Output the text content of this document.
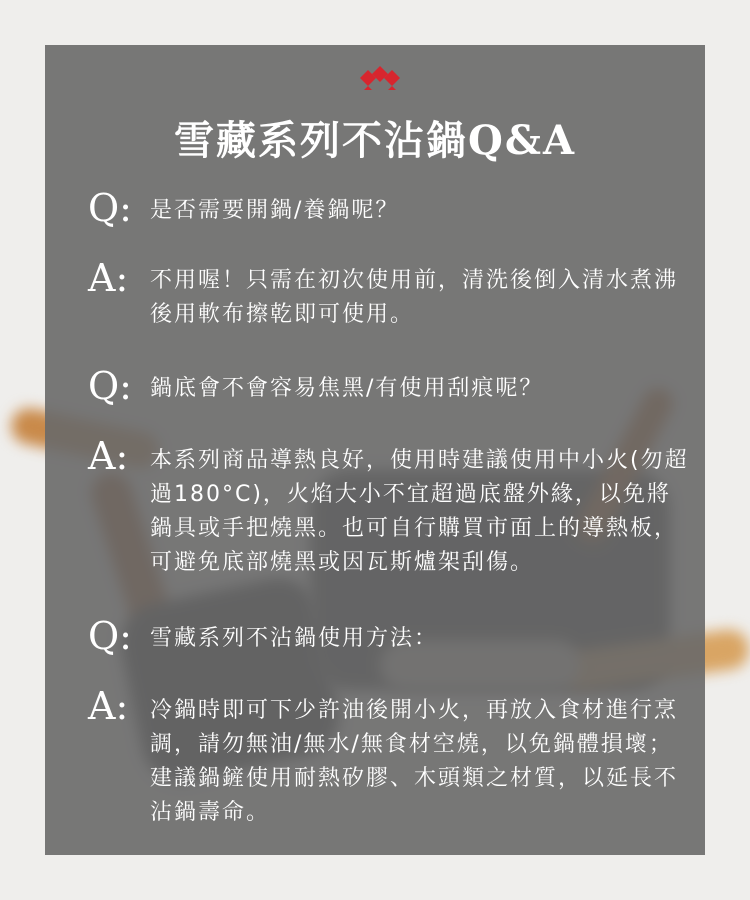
雪藏系列不沾鍋Q&A
Q: 是否需要開鍋/養鍋呢？
A: 不用喔！只需在初次使用前，清洗後倒入清水煮沸後用軟布擦乾即可使用。
Q: 鍋底會不會容易焦黑/有使用刮痕呢？
A: 本系列商品導熱良好，使用時建議使用中小火(勿超過180°C)，火焰大小不宜超過底盤外緣，以免將鍋具或手把燒黑。也可自行購買市面上的導熱板，可避免底部燒黑或因瓦斯爐架刮傷。
Q: 雪藏系列不沾鍋使用方法：
A: 冷鍋時即可下少許油後開小火，再放入食材進行烹調，請勿無油/無水/無食材空燒，以免鍋體損壞；建議鍋鏟使用耐熱矽膠、木頭類之材質，以延長不沾鍋壽命。
